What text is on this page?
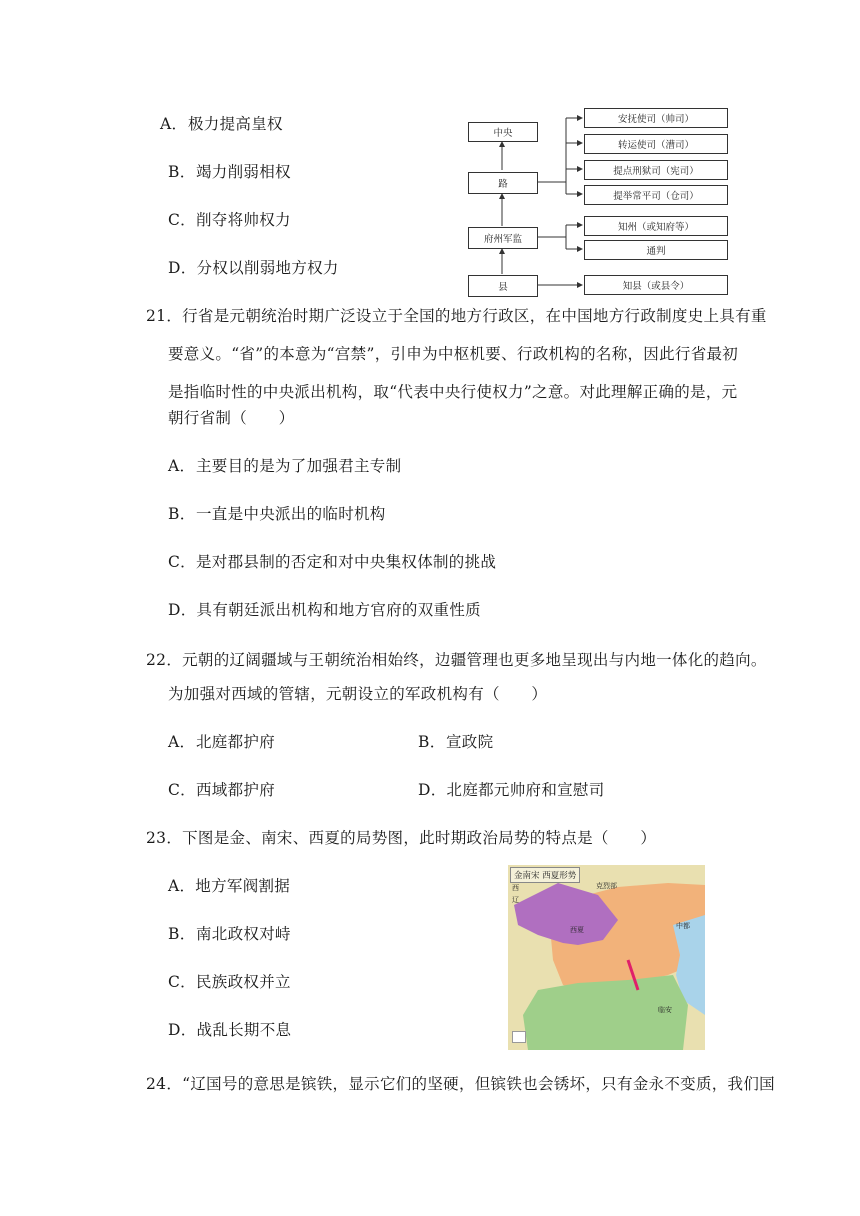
A．极力提高皇权
B．竭力削弱相权
C．削夺将帅权力
D．分权以削弱地方权力
中央
路
府州军监
县
安抚使司（帅司）
转运使司（漕司）
提点刑狱司（宪司）
提举常平司（仓司）
知州（或知府等）
通判
知县（或县令）
21．行省是元朝统治时期广泛设立于全国的地方行政区，在中国地方行政制度史上具有重
要意义。“省”的本意为“宫禁”，引申为中枢机要、行政机构的名称，因此行省最初
是指临时性的中央派出机构，取“代表中央行使权力”之意。对此理解正确的是，元
朝行省制（　　）
A．主要目的是为了加强君主专制
B．一直是中央派出的临时机构
C．是对郡县制的否定和对中央集权体制的挑战
D．具有朝廷派出机构和地方官府的双重性质
22．元朝的辽阔疆域与王朝统治相始终，边疆管理也更多地呈现出与内地一体化的趋向。
为加强对西域的管辖，元朝设立的军政机构有（　　）
A．北庭都护府	B．宣政院
C．西域都护府	D．北庭都元帅府和宣慰司
23．下图是金、南宋、西夏的局势图，此时期政治局势的特点是（　　）
A．地方军阀割据
B．南北政权对峙
C．民族政权并立
D．战乱长期不息
金南宋 西夏形势
克烈部
西夏	中都
临安
西
辽
24．“辽国号的意思是镔铁，显示它们的坚硬，但镔铁也会锈坏，只有金永不变质，我们国
